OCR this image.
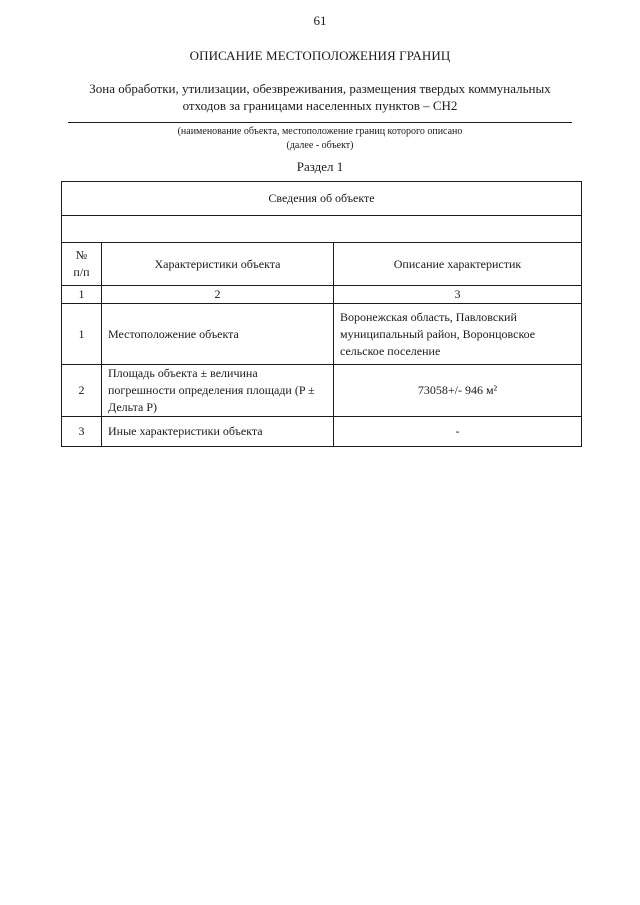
61
ОПИСАНИЕ МЕСТОПОЛОЖЕНИЯ ГРАНИЦ
Зона обработки, утилизации, обезвреживания, размещения твердых коммунальных
отходов за границами населенных пунктов – СН2
(наименование объекта, местоположение границ которого описано
(далее - объект)
Раздел 1
Сведения об объекте		

№
п/п	Характеристики объекта	Описание характеристик
1	2	3
1	Местоположение объекта	Воронежская область, Павловский муниципальный район, Воронцовское сельское поселение
2	Площадь объекта ± величина погрешности определения площади (P ± Дельта P)	73058+/- 946 м²
3	Иные характеристики объекта	-
